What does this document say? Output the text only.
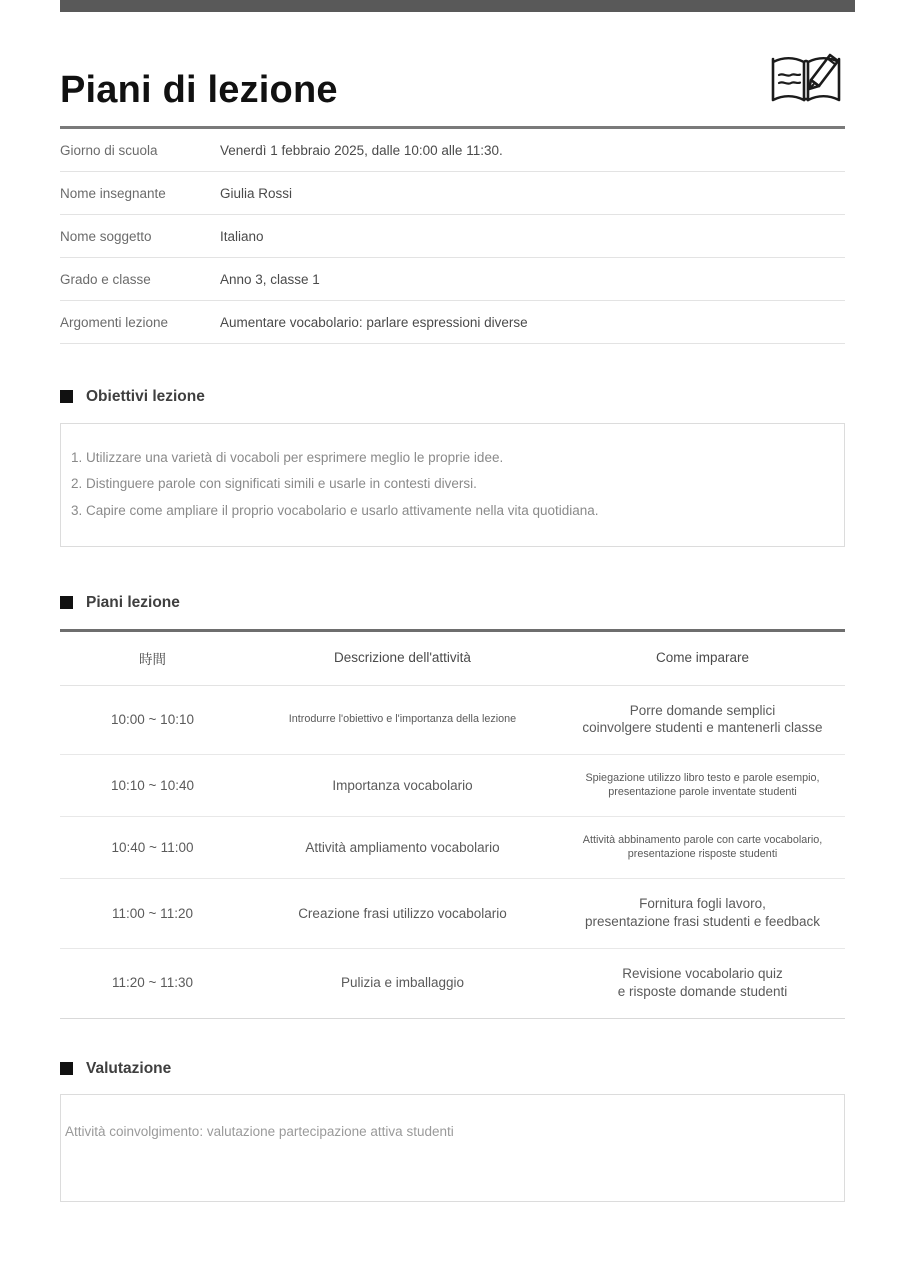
Piani di lezione
Giorno di scuola	Venerdì 1 febbraio 2025, dalle 10:00 alle 11:30.
Nome insegnante	Giulia Rossi
Nome soggetto	Italiano
Grado e classe	Anno 3, classe 1
Argomenti lezione	Aumentare vocabolario: parlare espressioni diverse
Obiettivi lezione

1. Utilizzare una varietà di vocaboli per esprimere meglio le proprie idee.

2. Distinguere parole con significati simili e usarle in contesti diversi.

3. Capire come ampliare il proprio vocabolario e usarlo attivamente nella vita quotidiana.

Piani lezione
時間	Descrizione dell'attività	Come imparare
10:00 ~ 10:10	Introdurre l'obiettivo e l'importanza della lezione	Porre domande semplici
coinvolgere studenti e mantenerli classe
10:10 ~ 10:40	Importanza vocabolario	Spiegazione utilizzo libro testo e parole esempio,
presentazione parole inventate studenti
10:40 ~ 11:00	Attività ampliamento vocabolario	Attività abbinamento parole con carte vocabolario,
presentazione risposte studenti
11:00 ~ 11:20	Creazione frasi utilizzo vocabolario	Fornitura fogli lavoro,
presentazione frasi studenti e feedback
11:20 ~ 11:30	Pulizia e imballaggio	Revisione vocabolario quiz
e risposte domande studenti
Valutazione

Attività coinvolgimento: valutazione partecipazione attiva studenti
